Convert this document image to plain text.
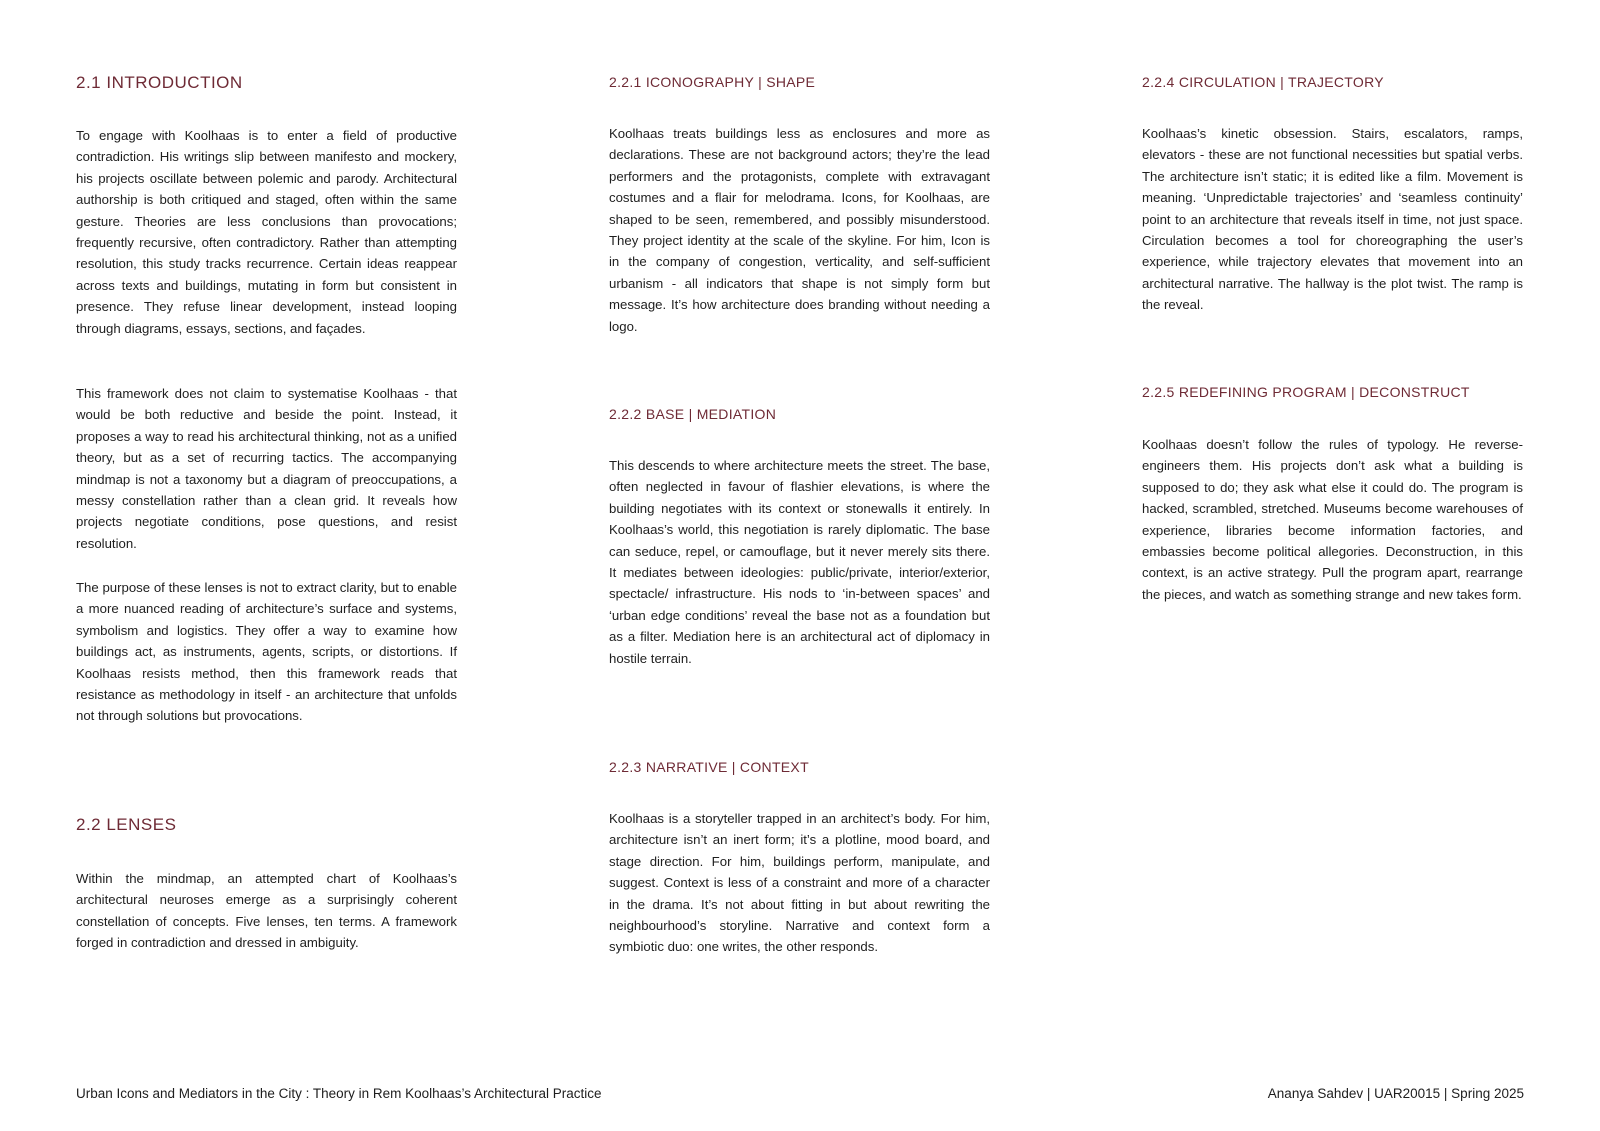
2.1 INTRODUCTION

To engage with Koolhaas is to enter a field of productive contradiction. His writings slip between manifesto and mockery, his projects oscillate between polemic and parody. Architectural authorship is both critiqued and staged, often within the same gesture. Theories are less conclusions than provocations; frequently recursive, often contradictory. Rather than attempting resolution, this study tracks recurrence. Certain ideas reappear across texts and buildings, mutating in form but consistent in presence. They refuse linear development, instead looping through diagrams, essays, sections, and façades.

This framework does not claim to systematise Koolhaas - that would be both reductive and beside the point. Instead, it proposes a way to read his architectural thinking, not as a unified theory, but as a set of recurring tactics. The accompanying mindmap is not a taxonomy but a diagram of preoccupations, a messy constellation rather than a clean grid. It reveals how projects negotiate conditions, pose questions, and resist resolution.

The purpose of these lenses is not to extract clarity, but to enable a more nuanced reading of architecture’s surface and systems, symbolism and logistics. They offer a way to examine how buildings act, as instruments, agents, scripts, or distortions. If Koolhaas resists method, then this framework reads that resistance as methodology in itself - an architecture that unfolds not through solutions but provocations.

2.2 LENSES

Within the mindmap, an attempted chart of Koolhaas’s architectural neuroses emerge as a surprisingly coherent constellation of concepts. Five lenses, ten terms. A framework forged in contradiction and dressed in ambiguity.

2.2.1 ICONOGRAPHY | SHAPE

Koolhaas treats buildings less as enclosures and more as declarations. These are not background actors; they’re the lead performers and the protagonists, complete with extravagant costumes and a flair for melodrama. Icons, for Koolhaas, are shaped to be seen, remembered, and possibly misunderstood. They project identity at the scale of the skyline. For him, Icon is in the company of congestion, verticality, and self-sufficient urbanism - all indicators that shape is not simply form but message. It’s how architecture does branding without needing a logo.

2.2.2 BASE | MEDIATION

This descends to where architecture meets the street. The base, often neglected in favour of flashier elevations, is where the building negotiates with its context or stonewalls it entirely. In Koolhaas’s world, this negotiation is rarely diplomatic. The base can seduce, repel, or camouflage, but it never merely sits there. It mediates between ideologies: public/private, interior/exterior, spectacle/ infrastructure. His nods to ‘in-between spaces’ and ‘urban edge conditions’ reveal the base not as a foundation but as a filter. Mediation here is an architectural act of diplomacy in hostile terrain.

2.2.3 NARRATIVE | CONTEXT

Koolhaas is a storyteller trapped in an architect’s body. For him, architecture isn’t an inert form; it’s a plotline, mood board, and stage direction. For him, buildings perform, manipulate, and suggest. Context is less of a constraint and more of a character in the drama. It’s not about fitting in but about rewriting the neighbourhood’s storyline. Narrative and context form a symbiotic duo: one writes, the other responds.

2.2.4 CIRCULATION | TRAJECTORY

Koolhaas’s kinetic obsession. Stairs, escalators, ramps, elevators - these are not functional necessities but spatial verbs. The architecture isn’t static; it is edited like a film. Movement is meaning. ‘Unpredictable trajectories’ and ‘seamless continuity’ point to an architecture that reveals itself in time, not just space. Circulation becomes a tool for choreographing the user’s experience, while trajectory elevates that movement into an architectural narrative. The hallway is the plot twist. The ramp is the reveal.

2.2.5 REDEFINING PROGRAM | DECONSTRUCT

Koolhaas doesn’t follow the rules of typology. He reverse-engineers them. His projects don’t ask what a building is supposed to do; they ask what else it could do. The program is hacked, scrambled, stretched. Museums become warehouses of experience, libraries become information factories, and embassies become political allegories. Deconstruction, in this context, is an active strategy. Pull the program apart, rearrange the pieces, and watch as something strange and new takes form.

Urban Icons and Mediators in the City : Theory in Rem Koolhaas’s Architectural Practice	Ananya Sahdev | UAR20015 | Spring 2025
